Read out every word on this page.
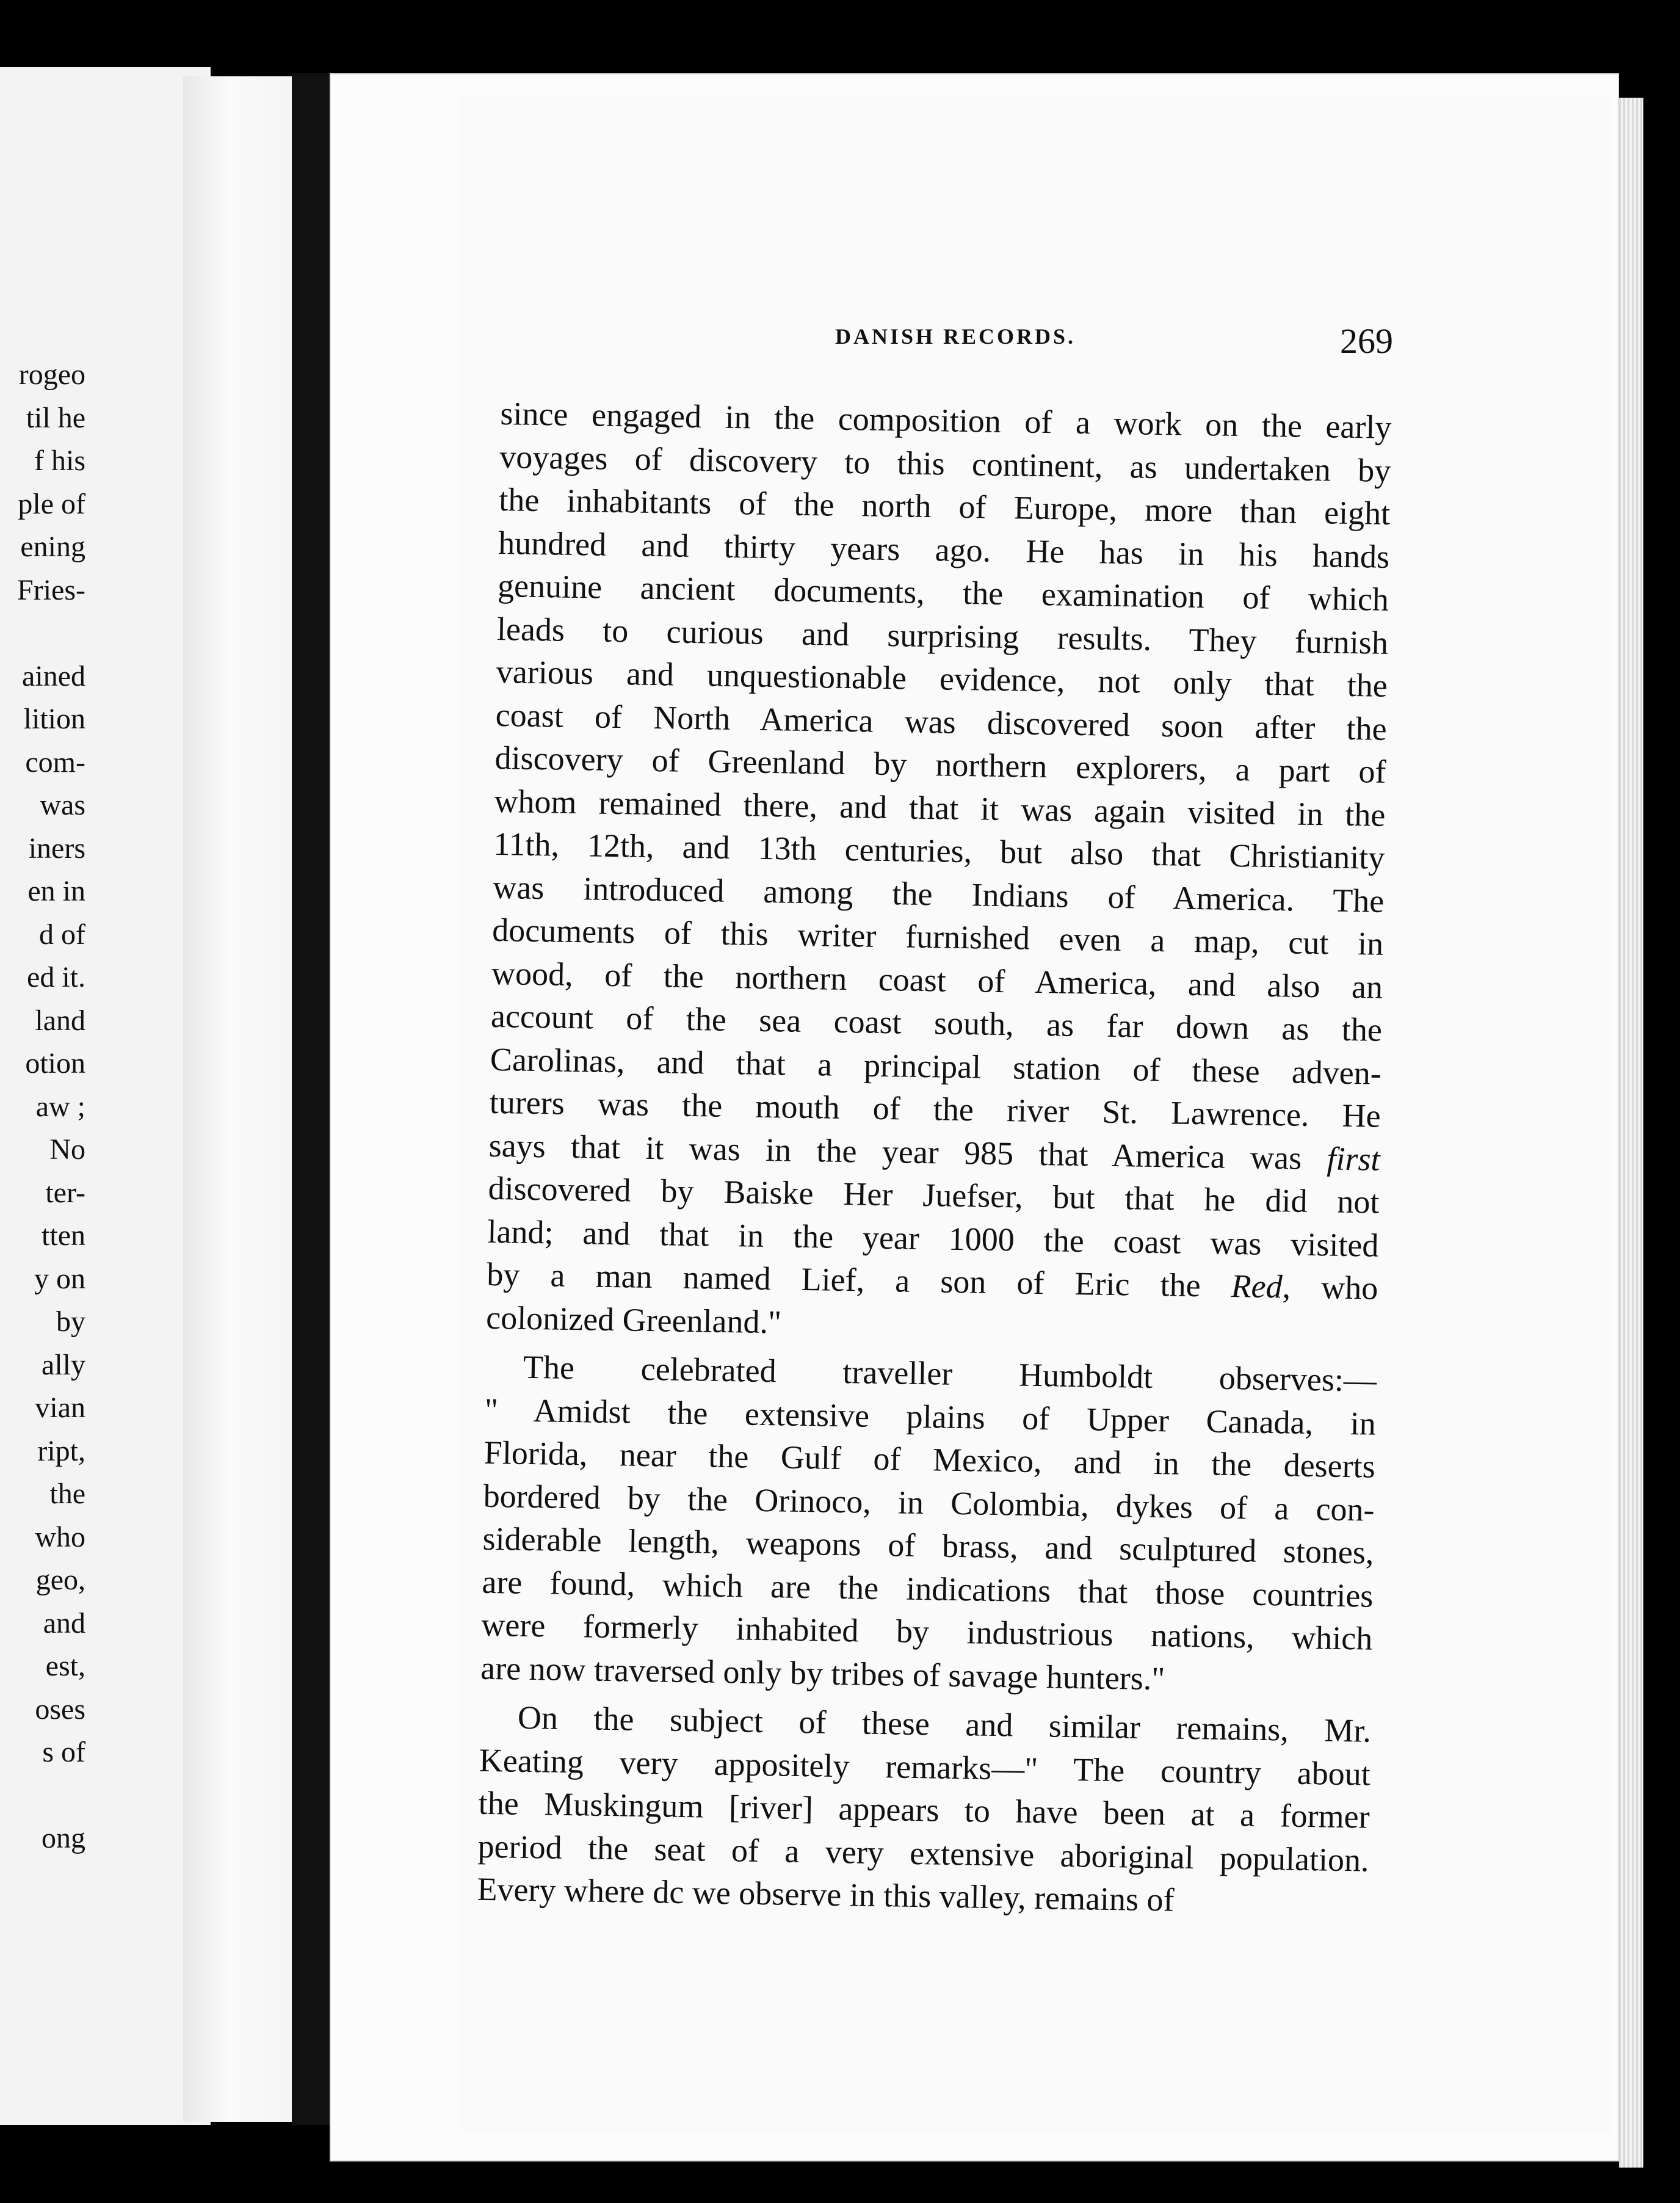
rogeo
til he
f his
ple of
ening
Fries-
ained
lition
com-
was
iners
en in
d of
ed it.
land
otion
aw ;
No
ter-
tten
y on
by
ally
vian
ript,
the
who
geo,
and
est,
oses
s of
ong
DANISH RECORDS.	269
since engaged in the composition of a work on the early
voyages of discovery to this continent, as undertaken by
the inhabitants of the north of Europe, more than eight
hundred and thirty years ago. He has in his hands
genuine ancient documents, the examination of which
leads to curious and surprising results. They furnish
various and unquestionable evidence, not only that the
coast of North America was discovered soon after the
discovery of Greenland by northern explorers, a part of
whom remained there, and that it was again visited in the
11th, 12th, and 13th centuries, but also that Christianity
was introduced among the Indians of America. The
documents of this writer furnished even a map, cut in
wood, of the northern coast of America, and also an
account of the sea coast south, as far down as the
Carolinas, and that a principal station of these adven-
turers was the mouth of the river St. Lawrence. He
says that it was in the year 985 that America was first
discovered by Baiske Her Juefser, but that he did not
land; and that in the year 1000 the coast was visited
by a man named Lief, a son of Eric the Red, who
colonized Greenland."
The celebrated traveller Humboldt observes:—
" Amidst the extensive plains of Upper Canada, in
Florida, near the Gulf of Mexico, and in the deserts
bordered by the Orinoco, in Colombia, dykes of a con-
siderable length, weapons of brass, and sculptured stones,
are found, which are the indications that those countries
were formerly inhabited by industrious nations, which
are now traversed only by tribes of savage hunters."
On the subject of these and similar remains, Mr.
Keating very appositely remarks—" The country about
the Muskingum [river] appears to have been at a former
period the seat of a very extensive aboriginal population.
Every where dc we observe in this valley, remains of
